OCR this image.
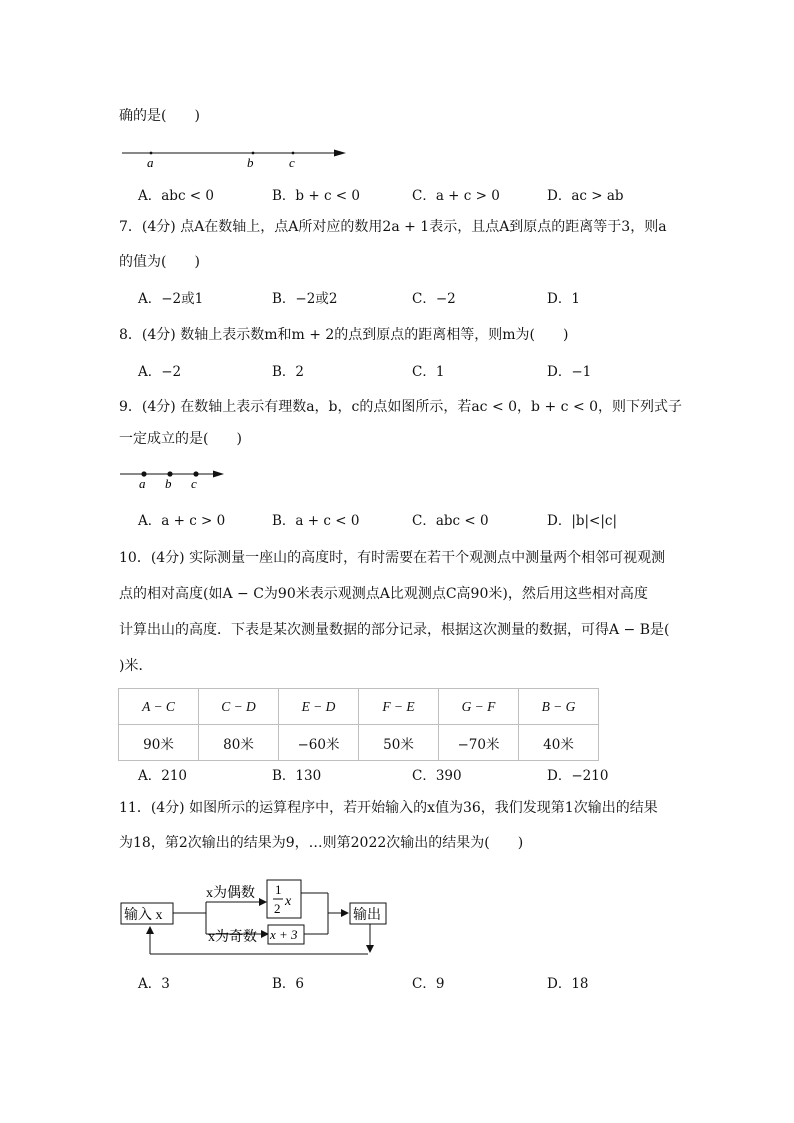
确的是(　　)
a	b	c
A．abc < 0	B．b + c < 0	C．a + c > 0	D．ac > ab
7．(4分) 点A在数轴上，点A所对应的数用2a + 1表示，且点A到原点的距离等于3，则a
的值为(　　)
A．−2或1	B．−2或2	C．−2	D．1
8．(4分) 数轴上表示数m和m + 2的点到原点的距离相等，则m为(　　)
A．−2	B．2	C．1	D．−1
9．(4分) 在数轴上表示有理数a，b，c的点如图所示，若ac < 0，b + c < 0，则下列式子
一定成立的是(　　)
a b c
A．a + c > 0	B．a + c < 0	C．abc < 0	D．|b|<|c|
10．(4分) 实际测量一座山的高度时，有时需要在若干个观测点中测量两个相邻可视观测
点的相对高度(如A − C为90米表示观测点A比观测点C高90米)，然后用这些相对高度
计算出山的高度．下表是某次测量数据的部分记录，根据这次测量的数据，可得A − B是(
)米．
A − C	C − D	E − D	F − E	G − F	B − G
90米	80米	−60米	50米	−70米	40米
A．210	B．130	C．390	D．−210
11．(4分) 如图所示的运算程序中，若开始输入的x值为36，我们发现第1次输出的结果
为18，第2次输出的结果为9，…则第2022次输出的结果为(　　)
输入 x
x为偶数
x为奇数
1
2 x
x + 3
输出
A．3	B．6	C．9	D．18
